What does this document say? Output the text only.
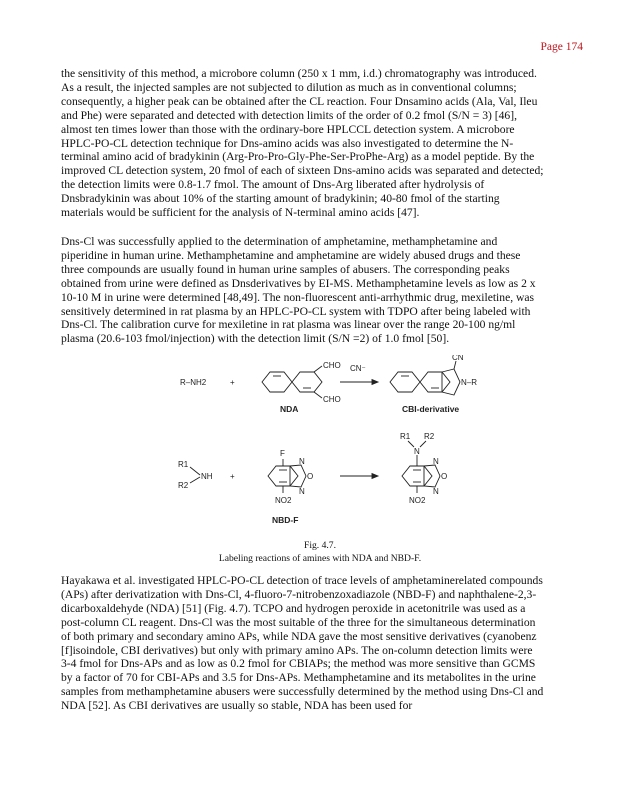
Page 174
the sensitivity of this method, a microbore column (250 x 1 mm, i.d.) chromatography was introduced.
As a result, the injected samples are not subjected to dilution as much as in conventional columns;
consequently, a higher peak can be obtained after the CL reaction. Four Dnsamino acids (Ala, Val, Ileu
and Phe) were separated and detected with detection limits of the order of 0.2 fmol (S/N = 3) [46],
almost ten times lower than those with the ordinary-bore HPLCCL detection system. A microbore
HPLC-PO-CL detection technique for Dns-amino acids was also investigated to determine the N-
terminal amino acid of bradykinin (Arg-Pro-Pro-Gly-Phe-Ser-ProPhe-Arg) as a model peptide. By the
improved CL detection system, 20 fmol of each of sixteen Dns-amino acids was separated and detected;
the detection limits were 0.8-1.7 fmol. The amount of Dns-Arg liberated after hydrolysis of
Dnsbradykinin was about 10% of the starting amount of bradykinin; 40-80 fmol of the starting
materials would be sufficient for the analysis of N-terminal amino acids [47].
Dns-Cl was successfully applied to the determination of amphetamine, methamphetamine and
piperidine in human urine. Methamphetamine and amphetamine are widely abused drugs and these
three compounds are usually found in human urine samples of abusers. The corresponding peaks
obtained from urine were defined as Dnsderivatives by EI-MS. Methamphetamine levels as low as 2 x
10-10 M in urine were determined [48,49]. The non-fluorescent anti-arrhythmic drug, mexiletine, was
sensitively determined in rat plasma by an HPLC-PO-CL system with TDPO after being labeled with
Dns-Cl. The calibration curve for mexiletine in rat plasma was linear over the range 20-100 ng/ml
plasma (20.6-103 fmol/injection) with the detection limit (S/N =2) of 1.0 fmol [50].
R–NH2	+
CHO
CHO
NDA
CN⁻
CN
N–R
CBI-derivative
R1
NH
R2
+
F
N
O
N
NO2
NBD-F
R1 R2
N
N
O
N
NO2
Fig. 4.7.
Labeling reactions of amines with NDA and NBD-F.
Hayakawa et al. investigated HPLC-PO-CL detection of trace levels of amphetaminerelated compounds
(APs) after derivatization with Dns-Cl, 4-fluoro-7-nitrobenzoxadiazole (NBD-F) and naphthalene-2,3-
dicarboxaldehyde (NDA) [51] (Fig. 4.7). TCPO and hydrogen peroxide in acetonitrile was used as a
post-column CL reagent. Dns-Cl was the most suitable of the three for the simultaneous determination
of both primary and secondary amino APs, while NDA gave the most sensitive derivatives (cyanobenz
[f]isoindole, CBI derivatives) but only with primary amino APs. The on-column detection limits were
3-4 fmol for Dns-APs and as low as 0.2 fmol for CBIAPs; the method was more sensitive than GCMS
by a factor of 70 for CBI-APs and 3.5 for Dns-APs. Methamphetamine and its metabolites in the urine
samples from methamphetamine abusers were successfully determined by the method using Dns-Cl and
NDA [52]. As CBI derivatives are usually so stable, NDA has been used for
